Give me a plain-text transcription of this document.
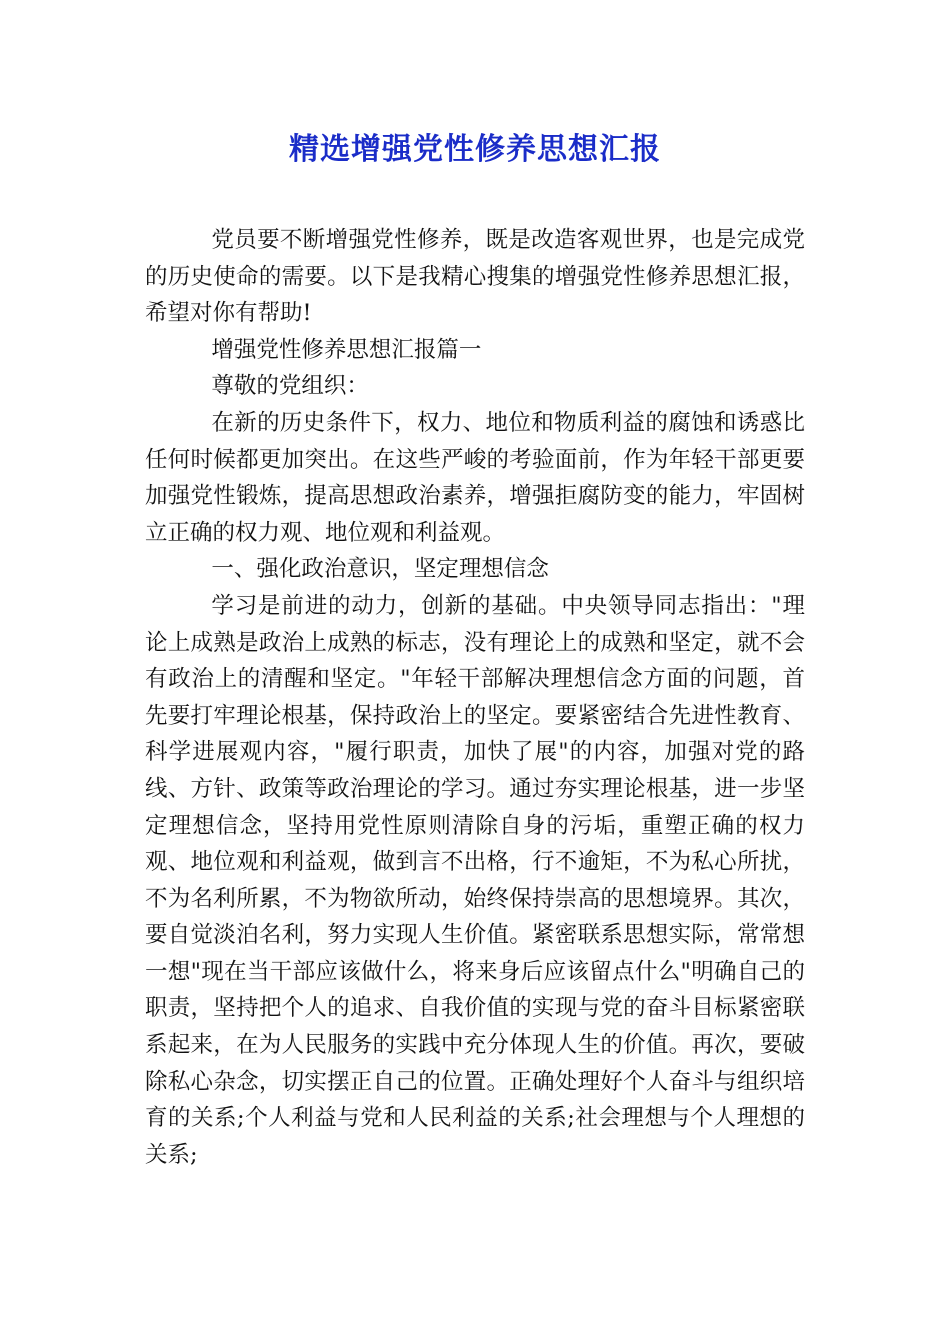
精选增强党性修养思想汇报

党员要不断增强党性修养，既是改造客观世界，也是完成党的历史使命的需要。以下是我精心搜集的增强党性修养思想汇报，希望对你有帮助!

增强党性修养思想汇报篇一

尊敬的党组织：

在新的历史条件下，权力、地位和物质利益的腐蚀和诱惑比任何时候都更加突出。在这些严峻的考验面前，作为年轻干部更要加强党性锻炼，提高思想政治素养，增强拒腐防变的能力，牢固树立正确的权力观、地位观和利益观。

一、强化政治意识，坚定理想信念

学习是前进的动力，创新的基础。中央领导同志指出："理论上成熟是政治上成熟的标志，没有理论上的成熟和坚定，就不会有政治上的清醒和坚定。"年轻干部解决理想信念方面的问题，首先要打牢理论根基，保持政治上的坚定。要紧密结合先进性教育、科学进展观内容，"履行职责，加快了展"的内容，加强对党的路线、方针、政策等政治理论的学习。通过夯实理论根基，进一步坚定理想信念，坚持用党性原则清除自身的污垢，重塑正确的权力观、地位观和利益观，做到言不出格，行不逾矩，不为私心所扰，不为名利所累，不为物欲所动，始终保持崇高的思想境界。其次，要自觉淡泊名利，努力实现人生价值。紧密联系思想实际，常常想一想"现在当干部应该做什么，将来身后应该留点什么"明确自己的职责，坚持把个人的追求、自我价值的实现与党的奋斗目标紧密联系起来，在为人民服务的实践中充分体现人生的价值。再次，要破除私心杂念，切实摆正自己的位置。正确处理好个人奋斗与组织培育的关系;个人利益与党和人民利益的关系;社会理想与个人理想的关系;
